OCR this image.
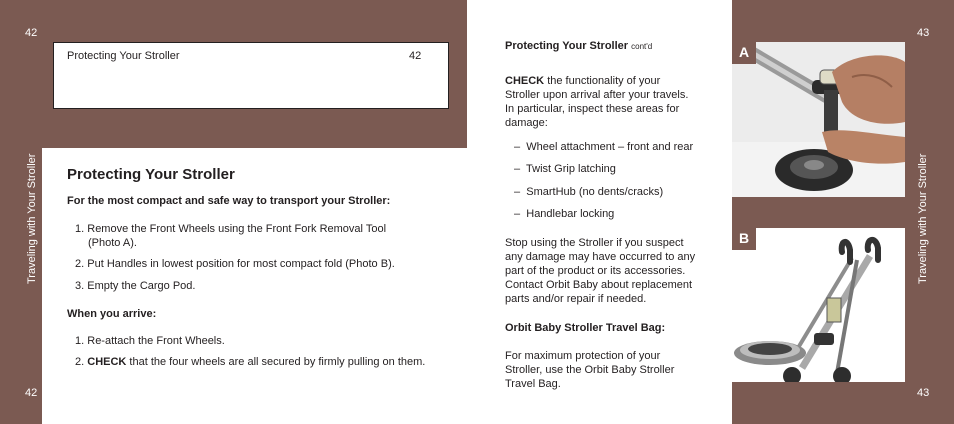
Protecting Your Stroller	42
42
42
Traveling with Your Stroller Protecting Your Stroller
For the most compact and safe way to transport your Stroller:
1. Remove the Front Wheels using the Front Fork Removal Tool
(Photo A).
2. Put Handles in lowest position for most compact fold (Photo B).
3. Empty the Cargo Pod.
When you arrive:
1. Re-attach the Front Wheels.
2. CHECK that the four wheels are all secured by firmly pulling on them.
43
43
Traveling with Your Stroller
Protecting Your Stroller cont'd
CHECK the functionality of your
Stroller upon arrival after your travels.
In particular, inspect these areas for
damage:
– Wheel attachment – front and rear
– Twist Grip latching
– SmartHub (no dents/cracks)
– Handlebar locking
Stop using the Stroller if you suspect
any damage may have occurred to any
part of the product or its accessories.
Contact Orbit Baby about replacement
parts and/or repair if needed.
Orbit Baby Stroller Travel Bag:
For maximum protection of your
Stroller, use the Orbit Baby Stroller
Travel Bag.
A
B
